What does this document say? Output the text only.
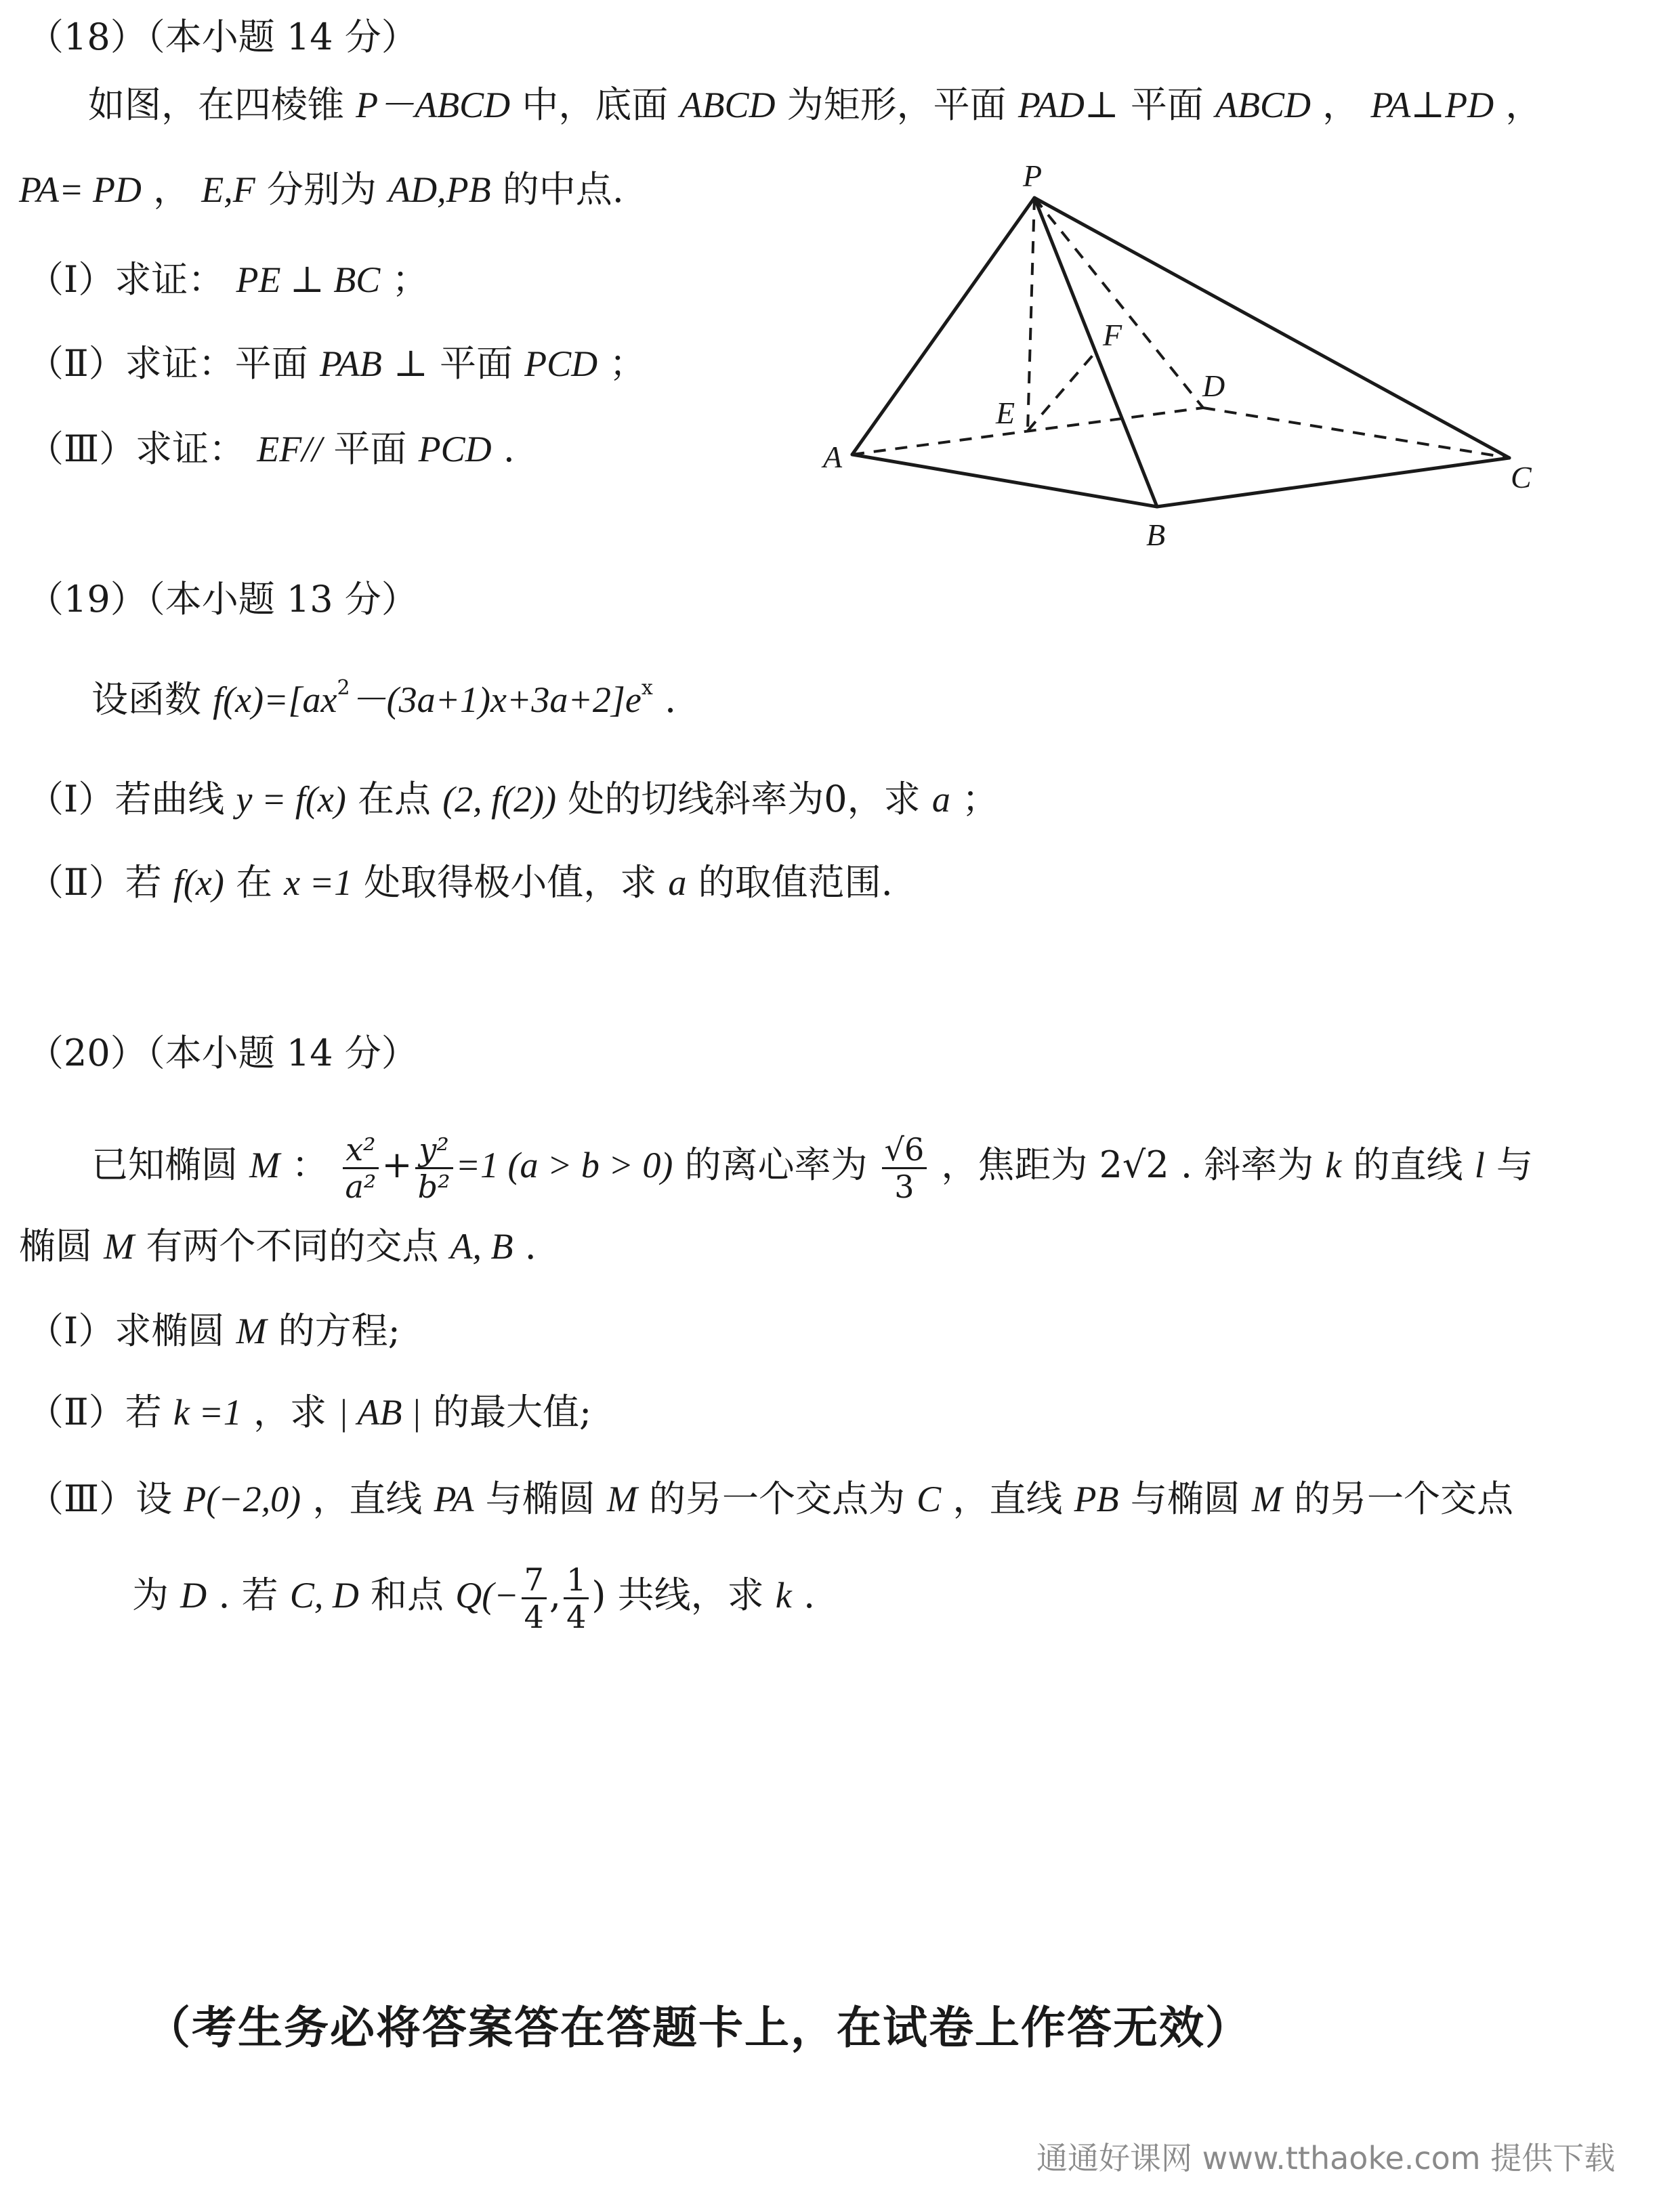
（18）（本小题 14 分）
如图，在四棱锥 P－ABCD 中，底面 ABCD 为矩形，平面 PAD⊥ 平面 ABCD ， PA⊥PD ，
PA= PD ， E,F 分别为 AD,PB 的中点.
（Ⅰ）求证： PE ⊥ BC ；
（Ⅱ）求证：平面 PAB ⊥ 平面 PCD ；
（Ⅲ）求证： EF// 平面 PCD .
P
A
B
C
D
E
F
（19）（本小题 13 分）
设函数 $f(x)=[ax^2-(3a+1)x+3a+2]e^x$ .
（Ⅰ）若曲线 y = f(x) 在点 (2, f(2)) 处的切线斜率为0，求 a ；
（Ⅱ）若 f(x) 在 x =1 处取得极小值，求 a 的取值范围.
（20）（本小题 14 分）
已知椭圆 M ： $\frac{\text{x²}}{\text{a²}} + \frac{\text{y²}}{\text{b²}} =1$ (a > b > 0) 的离心率为 $\frac{√6}{3}$ ，焦距为 2√2 . 斜率为 k 的直线 l 与
椭圆 M 有两个不同的交点 A, B .
（Ⅰ）求椭圆 M 的方程;
（Ⅱ）若 k =1 ，求 | AB | 的最大值;
（Ⅲ）设 P(−2,0) ，直线 PA 与椭圆 M 的另一个交点为 C ，直线 PB 与椭圆 M 的另一个交点
为 D . 若 C, D 和点 $Q(- \frac{7}{4}$ , $\frac{1}{4}$ ) 共线，求 k .
（考生务必将答案答在答题卡上，在试卷上作答无效）
通通好课网 www.tthaoke.com 提供下载
